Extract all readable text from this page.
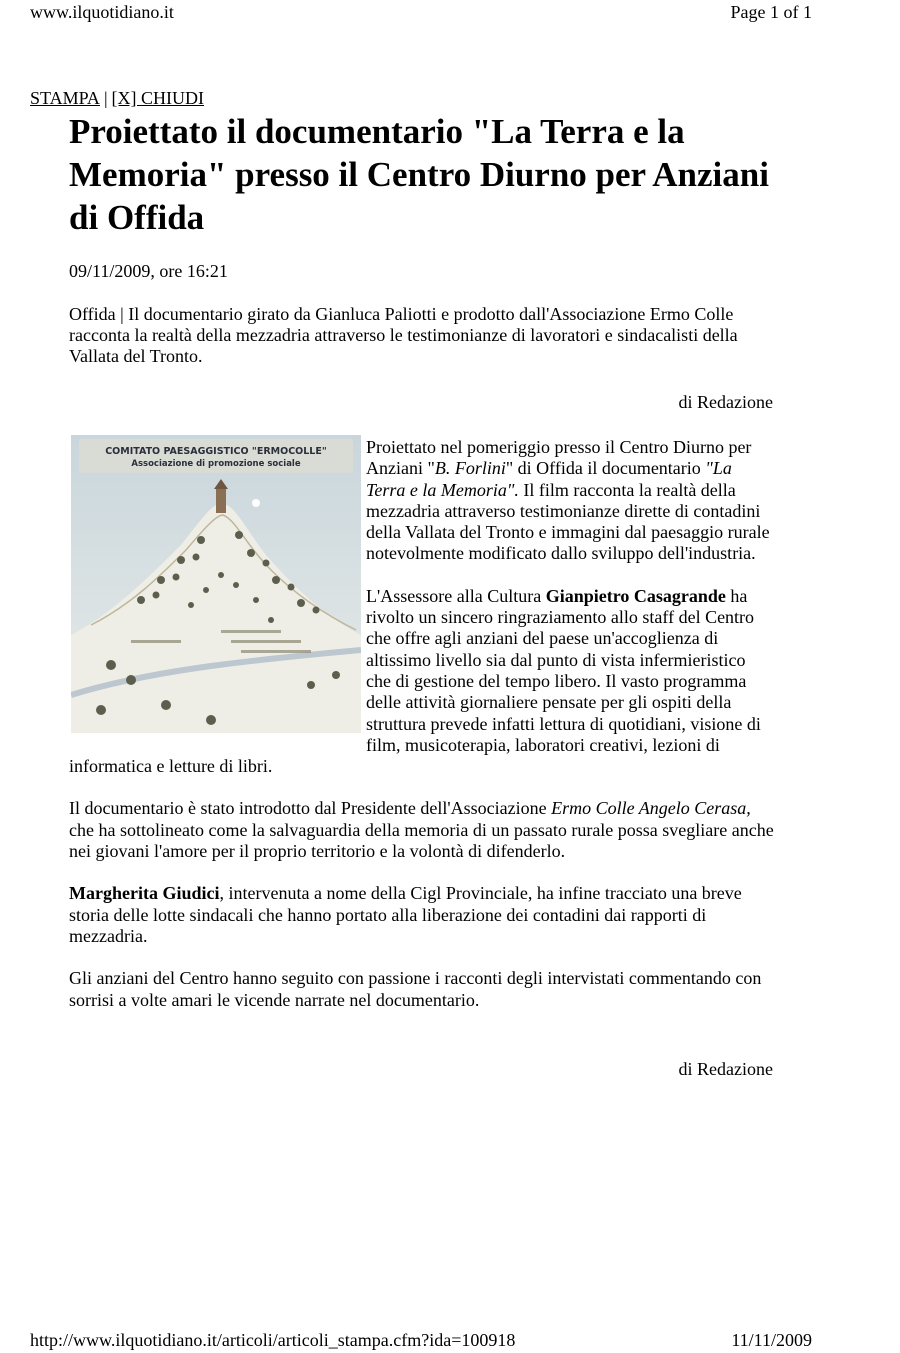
www.ilquotidiano.it	Page 1 of 1
STAMPA | [X] CHIUDI
Proiettato il documentario "La Terra e la Memoria" presso il Centro Diurno per Anziani di Offida
09/11/2009, ore 16:21

Offida | Il documentario girato da Gianluca Paliotti e prodotto dall'Associazione Ermo Colle racconta la realtà della mezzadria attraverso le testimonianze di lavoratori e sindacalisti della Vallata del Tronto.

di Redazione
COMITATO PAESAGGISTICO "ERMOCOLLE"
Associazione di promozione sociale

Proiettato nel pomeriggio presso il Centro Diurno per Anziani "B. Forlini" di Offida il documentario "La Terra e la Memoria". Il film racconta la realtà della mezzadria attraverso testimonianze dirette di contadini della Vallata del Tronto e immagini dal paesaggio rurale notevolmente modificato dallo sviluppo dell'industria.

L'Assessore alla Cultura Gianpietro Casagrande ha rivolto un sincero ringraziamento allo staff del Centro che offre agli anziani del paese un'accoglienza di altissimo livello sia dal punto di vista infermieristico che di gestione del tempo libero. Il vasto programma delle attività giornaliere pensate per gli ospiti della struttura prevede infatti lettura di quotidiani, visione di film, musicoterapia, laboratori creativi, lezioni di informatica e letture di libri.

Il documentario è stato introdotto dal Presidente dell'Associazione Ermo Colle Angelo Cerasa, che ha sottolineato come la salvaguardia della memoria di un passato rurale possa svegliare anche nei giovani l'amore per il proprio territorio e la volontà di difenderlo.

Margherita Giudici, intervenuta a nome della Cigl Provinciale, ha infine tracciato una breve storia delle lotte sindacali che hanno portato alla liberazione dei contadini dai rapporti di mezzadria.

Gli anziani del Centro hanno seguito con passione i racconti degli intervistati commentando con sorrisi a volte amari le vicende narrate nel documentario.

di Redazione
http://www.ilquotidiano.it/articoli/articoli_stampa.cfm?ida=100918	11/11/2009
